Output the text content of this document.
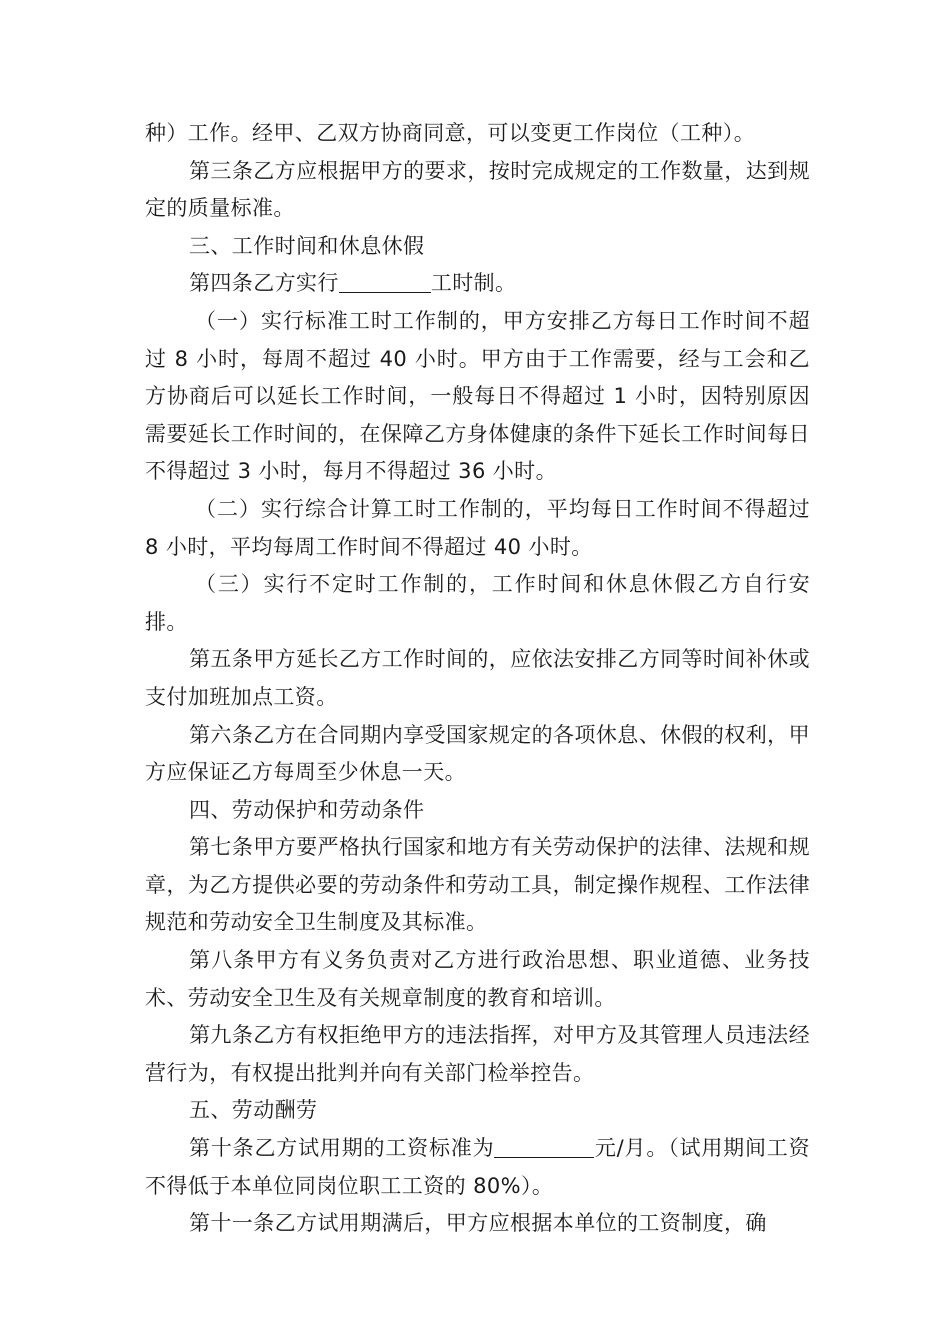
种）工作。经甲、乙双方协商同意，可以变更工作岗位（工种）。

第三条乙方应根据甲方的要求，按时完成规定的工作数量，达到规定的质量标准。

三、工作时间和休息休假

第四条乙方实行	工时制。

（一）实行标准工时工作制的，甲方安排乙方每日工作时间不超过 8 小时，每周不超过 40 小时。甲方由于工作需要，经与工会和乙方协商后可以延长工作时间，一般每日不得超过 1 小时，因特别原因需要延长工作时间的，在保障乙方身体健康的条件下延长工作时间每日不得超过 3 小时，每月不得超过 36 小时。

（二）实行综合计算工时工作制的，平均每日工作时间不得超过 8 小时，平均每周工作时间不得超过 40 小时。

（三）实行不定时工作制的，工作时间和休息休假乙方自行安排。

第五条甲方延长乙方工作时间的，应依法安排乙方同等时间补休或支付加班加点工资。

第六条乙方在合同期内享受国家规定的各项休息、休假的权利，甲方应保证乙方每周至少休息一天。

四、劳动保护和劳动条件

第七条甲方要严格执行国家和地方有关劳动保护的法律、法规和规章，为乙方提供必要的劳动条件和劳动工具，制定操作规程、工作法律规范和劳动安全卫生制度及其标准。

第八条甲方有义务负责对乙方进行政治思想、职业道德、业务技术、劳动安全卫生及有关规章制度的教育和培训。

第九条乙方有权拒绝甲方的违法指挥，对甲方及其管理人员违法经营行为，有权提出批判并向有关部门检举控告。

五、劳动酬劳

第十条乙方试用期的工资标准为	元/月。（试用期间工资不得低于本单位同岗位职工工资的 80%）。

第十一条乙方试用期满后，甲方应根据本单位的工资制度，确
